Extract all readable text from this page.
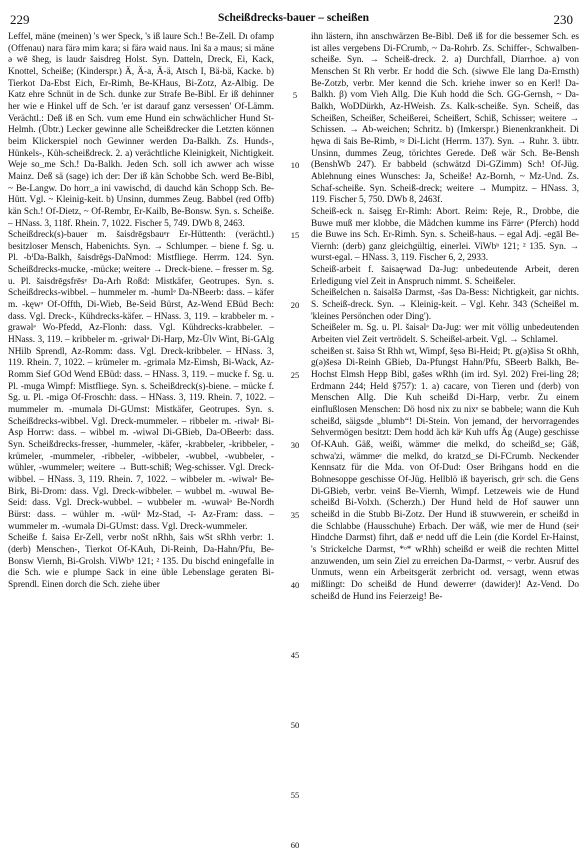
229	Scheißdrecks-bauer – scheißen	230

Leffel, mäne (meinen) 's wer Speck, 's iß laure Sch.! Be-Zell. Dı ofamp (Offenau) nara färə mim kara; si färə waid naus. Ini ša ə maus; si mäne ə wē šheg, is laudr šaisdreg Holst. Syn. Datteln, Dreck, Ei, Kack, Knottel, Scheiße; (Kinderspr.) Ä, Ä-a, Ä-ä, Atsch I, Bä-bä, Kacke. b) Tierkot Da-Ebst Eich, Er-Rimh, Be-KHaus, Bi-Zotz, Az-Albig. De Katz ehre Schnüt in de Sch. dunke zur Strafe Be-Bibl. Er iß dehinner her wie e Hinkel uff de Sch. 'er ist darauf ganz versessen' Of-Lämm. Verächtl.: Deß iß en Sch. vum eme Hund ein schwächlicher Hund St-Helmh. (Übtr.) Lecker gewinne alle Scheißdrecker die Letzten können beim Klickerspiel noch Gewinner werden Da-Balkh. Zs. Hunds-, Hünkels-, Küh-scheißdreck. 2. a) verächtliche Kleinigkeit, Nichtigkeit. Weje so_me Sch.! Da-Balkh. Jeden Sch. soll ich awwer ach wisse Mainz. Deß sä (sage) ich der: Der iß kän Schobbe Sch. werd Be-Bibl, ~ Be-Langw. Do horr_a ini vawischd, di dauchd kän Schopp Sch. Be-Hütt. Vgl. ~ Kleinig-keit. b) Unsinn, dummes Zeug. Babbel (red Offb) kän Sch.! Of-Dietz, ~ Of-Rembr, Er-Kailb, Be-Bonsw. Syn. s. Scheiße. – HNass. 3, 118f. Rhein. 7, 1022. Fischer 5, 749. DWb 8, 2463.

Scheißdreck(s)-bauer m. šaisdrēgsbauᵉr Er-Hüttenth: (verächtl.) besitzloser Mensch, Habenichts. Syn. → Schlumper. – biene f. Sg. u. Pl. -bⁱDa-Balkh, šaisdrēgs-DaNmod: Mistfliege. Herrm. 124. Syn. Scheißdrecks-mucke, -mücke; weitere → Dreck-biene. – fresser m. Sg. u. Pl. šaisdrēgsfrēsᵉ Da-Arh Roßd: Mistkäfer, Geotrupes. Syn. s. Scheißdrecks-wibbel. – hummeler m. -humlᵊ Da-NBeerb: dass. – käfer m. -kęwᵊ Of-Offth, Di-Wieb, Be-Seid Bürst, Az-Wend EBüd Bech: dass. Vgl. Dreck-, Kühdrecks-käfer. – HNass. 3, 119. – krabbeler m. -grawəlᵊ Wo-Pfedd, Az-Flonh: dass. Vgl. Kühdrecks-krabbeler. – HNass. 3, 119. – kribbeler m. -griwəlᵊ Di-Harp, Mz-Ülv Wint, Bi-GAlg NHilb Sprendl, Az-Romm: dass. Vgl. Dreck-kribbeler. – HNass. 3, 119. Rhein. 7, 1022. – krümeler m. -grimələ Mz-Eimsh, Bi-Wack, Az-Romm Sief GOd Wend EBüd: dass. – HNass. 3, 119. – mucke f. Sg. u. Pl. -muga Wimpf: Mistfliege. Syn. s. Scheißdreck(s)-biene. – mücke f. Sg. u. Pl. -migə Of-Froschh: dass. – HNass. 3, 119. Rhein. 7, 1022. – mummeler m. -mumələ Di-GUmst: Mistkäfer, Geotrupes. Syn. s. Scheißdrecks-wibbel. Vgl. Dreck-mummeler. – ribbeler m. -riwəlᵊ Bi-Asp Horrw: dass. – wibbel m. -wiwəl Di-GBieb, Da-OBeerb: dass. Syn. Scheißdrecks-fresser, -hummeler, -käfer, -krabbeler, -kribbeler, -krümeler, -mummeler, -ribbeler, -wibbeler, -wubbel, -wubbeler, -wühler, -wummeler; weitere → Butt-schiß; Weg-schisser. Vgl. Dreck-wibbel. – HNass. 3, 119. Rhein. 7, 1022. – wibbeler m. -wiwəlᵊ Be-Birk, Bi-Drom: dass. Vgl. Dreck-wibbeler. – wubbel m. -wuwəl Be-Seid: dass. Vgl. Dreck-wubbel. – wubbeler m. -wuwəlᵊ Be-Nordh Bürst: dass. – wühler m. -wülᵊ Mz-Stad, -ī- Az-Fram: dass. – wummeler m. -wumələ Di-GUmst: dass. Vgl. Dreck-wummeler.

Scheiße f. šaisə Er-Zell, verbr noSt nRhh, šais wSt sRhh verbr: 1. (derb) Menschen-, Tierkot Of-KAuh, Di-Reinh, Da-Hahn/Pfu, Be-Bonsw Viernh, Bi-Grolsh. ViWbᵇ 121; ² 135. Du bischd eningefalle in die Sch. wie e plumpe Sack in eine üble Lebenslage geraten Bi-Sprendl. Einen dorch die Sch. ziehe über

5
10
15
20
25
30
35
40
45
50
55
60

ihn lästern, ihn anschwärzen Be-Bibl. Deß iß for die bessemer Sch. es ist alles vergebens Di-FCrumb, ~ Da-Rohrb. Zs. Schiffer-, Schwalben-scheiße. Syn. → Scheiß-dreck. 2. a) Durchfall, Diarrhoe. a) von Menschen St Rh verbr. Er hodd die Sch. (siwwe Ele lang Da-Ernsth) Be-Zotzb, verbr. Mer kennd die Sch. kriehe inwer so en Kerl! Da-Balkh. β) vom Vieh Allg. Die Kuh hodd die Sch. GG-Gernsh, ~ Da-Balkh, WoDDürkh, Az-HWeish. Zs. Kalk-scheiße. Syn. Scheiß, das Scheißen, Scheißer, Scheißerei, Scheißert, Schiß, Schisser; weitere → Schissen. → Ab-weichen; Schritz. b) (Imkerspr.) Bienenkrankheit. Di hęwa di šais Be-Rimb, ≈ Di-Licht (Herrm. 137). Syn. → Ruhr. 3. übtr. Unsinn, dummes Zeug, törichtes Gerede. Deß wär Sch. Be-Bensh (BenshWb 247). Er babbeld (schwätzd Di-GZimm) Sch! Of-Jüg. Ablehnung eines Wunsches: Ja, Scheiße! Az-Bornh, ~ Mz-Und. Zs. Schaf-scheiße. Syn. Scheiß-dreck; weitere → Mumpitz. – HNass. 3, 119. Fischer 5, 750. DWb 8, 2463f.

Scheiß-eck n. šaisęg Er-Rimh: Abort. Reim: Reje, R., Drobbe, die Buwe muß mer klobbe, die Mädchen kumme ins Färreᵊ (Pferch) hodd die Buwe ins Sch. Er-Rimh. Syn. s. Scheiß-haus. – egal Adj. -egāl Be-Viernh: (derb) ganz gleichgültig, einerlei. ViWbᵇ 121; ² 135. Syn. → wurst-egal. – HNass. 3, 119. Fischer 6, 2, 2933.

Scheiß-arbeit f. šaisaęᵊwad Da-Jug: unbedeutende Arbeit, deren Erledigung viel Zeit in Anspruch nimmt. S. Scheißeler.

Scheißelchen n. šaisəlšə Darmst, -šəs Da-Bess: Nichtigkeit, gar nichts. S. Scheiß-dreck. Syn. → Kleinig-keit. – Vgl. Kehr. 343 (Scheißel m. 'kleines Persönchen oder Ding').

Scheißeler m. Sg. u. Pl. šaisəlᵊ Da-Jug: wer mit völlig unbedeutenden Arbeiten viel Zeit vertrödelt. S. Scheißel-arbeit. Vgl. → Schlamel.

scheißen st. šaisə St Rhh wt, Wimpf, šęsə Bi-Heid; Pt. g(ə)šisə St oRhh, g(ə)šesə Di-Reinh GBieb, Da-Pfungst Hahn/Pfu, SBeerb Balkh, Be-Hochst Elmsh Hepp Bibl, gəšes wRhh (im ird. Syl. 202) Frei-ling 28; Erdmann 244; Held §757): 1. a) cacare, von Tieren und (derb) von Menschen Allg. Die Kuh scheißd Di-Harp, verbr. Zu einem einflußlosen Menschen: Dö hosd nix zu nixᵉ se babbele; wann die Kuh scheißd, säigsde „blumb“! Di-Stein. Von jemand, der hervorragendes Sehvermögen besitzt: Dem hodd äch käᵉ Kuh uffs Äg (Auge) geschisse Of-KAuh. Gäß, weißi, wämmeᵉ die melkd, do scheißd_se; Gäß, schwa'zi, wämmeᵉ die melkd, do kratzd_se Di-FCrumb. Neckender Kennsatz für die Mda. von Of-Dud: Oser Brihgans hodd en die Bohnesoppe geschisse Of-Jüg. Hellblö iß bayerisch, griᵉ sch. die Gens Di-GBieb, verbr. veinš Be-Viernh, Wimpf. Letzeweis wie de Hund scheißd Bi-Volxh. (Scherzh.) Der Hund held de Hof sauwer unn scheißd in die Stubb Bi-Zotz. Der Hund iß stuwwerein, er scheißd in die Schlabbe (Hausschuhe) Erbach. Der wäß, wie mer de Hund (seiᵉ Hindche Darmst) fihrt, daß eᵉ nedd uff die Lein (die Kordel Er-Hainst, 's Strickelche Darmst, *ᵒ* wRhh) scheißd er weiß die rechten Mittel anzuwenden, um sein Ziel zu erreichen Da-Darmst, ~ verbr. Ausruf des Unmuts, wenn ein Arbeitsgerät zerbricht od. versagt, wenn etwas mißlingt: Do scheißd de Hund dewerreᵉ (dawider)! Az-Vend. Do scheißd de Hund ins Feierzeig! Be-
